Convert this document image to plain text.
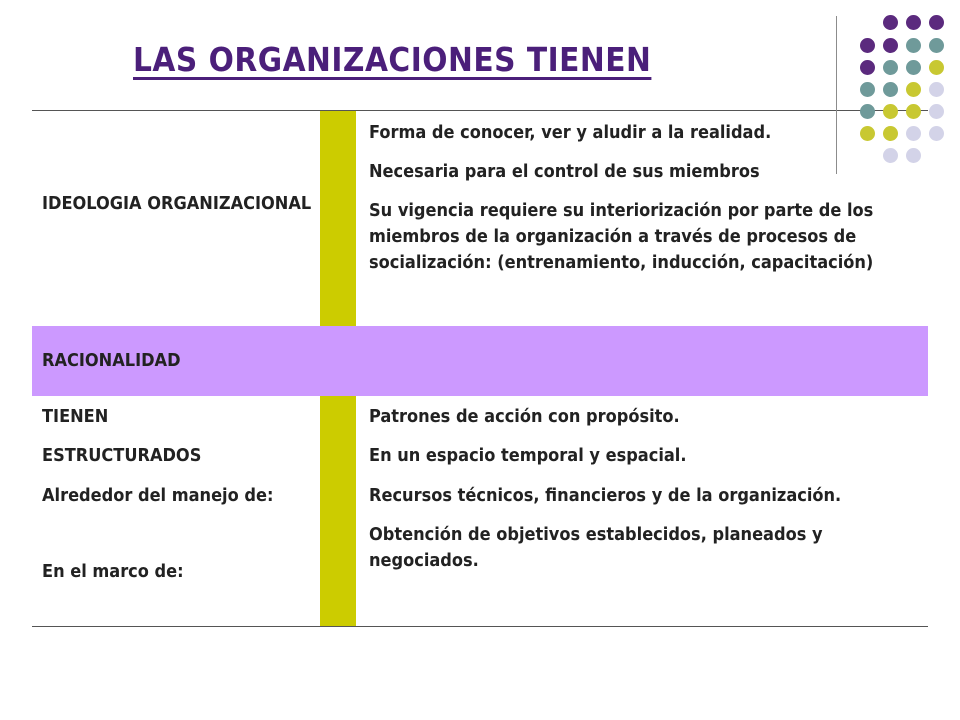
LAS ORGANIZACIONES TIENEN
IDEOLOGIA ORGANIZACIONAL
Forma de conocer, ver y aludir a la realidad.
Necesaria para el control de sus miembros
Su vigencia requiere su interiorización por parte de los miembros de la organización a través de procesos de socialización: (entrenamiento, inducción, capacitación)
RACIONALIDAD
TIENEN
ESTRUCTURADOS
Alrededor del manejo de:
En el marco de:
Patrones de acción con propósito.
En un espacio temporal y espacial.
Recursos técnicos, financieros y de la organización.
Obtención de objetivos establecidos, planeados y negociados.
